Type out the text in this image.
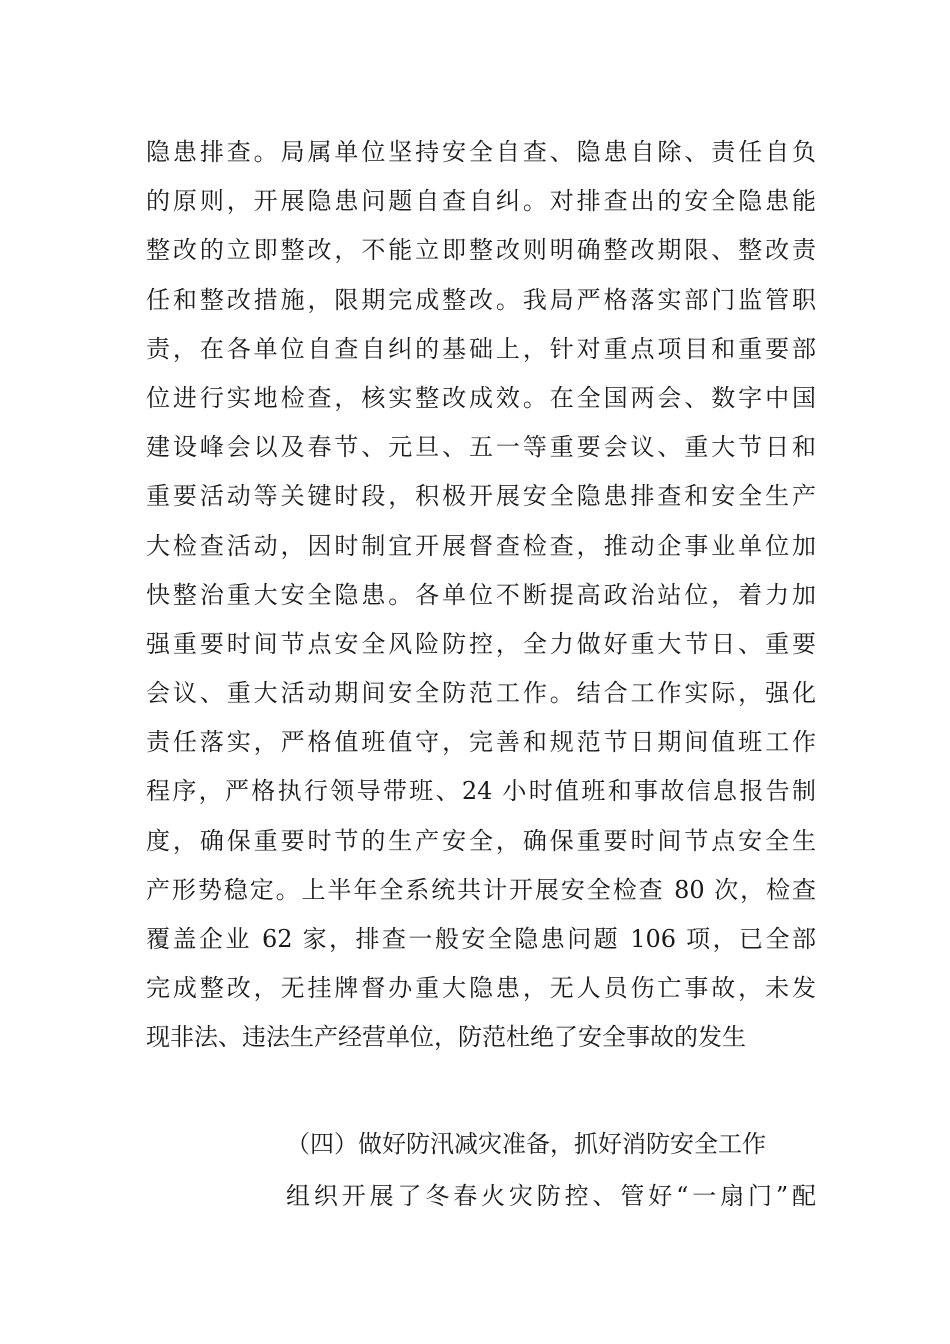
隐患排查。局属单位坚持安全自查、隐患自除、责任自负
的原则，开展隐患问题自查自纠。对排查出的安全隐患能
整改的立即整改，不能立即整改则明确整改期限、整改责
任和整改措施，限期完成整改。我局严格落实部门监管职
责，在各单位自查自纠的基础上，针对重点项目和重要部
位进行实地检查，核实整改成效。在全国两会、数字中国
建设峰会以及春节、元旦、五一等重要会议、重大节日和
重要活动等关键时段，积极开展安全隐患排查和安全生产
大检查活动，因时制宜开展督查检查，推动企事业单位加
快整治重大安全隐患。各单位不断提高政治站位，着力加
强重要时间节点安全风险防控，全力做好重大节日、重要
会议、重大活动期间安全防范工作。结合工作实际，强化
责任落实，严格值班值守，完善和规范节日期间值班工作
程序，严格执行领导带班、24 小时值班和事故信息报告制
度，确保重要时节的生产安全，确保重要时间节点安全生
产形势稳定。上半年全系统共计开展安全检查 80 次，检查
覆盖企业 62 家，排查一般安全隐患问题 106 项，已全部
完成整改，无挂牌督办重大隐患，无人员伤亡事故，未发
现非法、违法生产经营单位，防范杜绝了安全事故的发生
（四）做好防汛减灾准备，抓好消防安全工作
组织开展了冬春火灾防控、管好“一扇门”配
